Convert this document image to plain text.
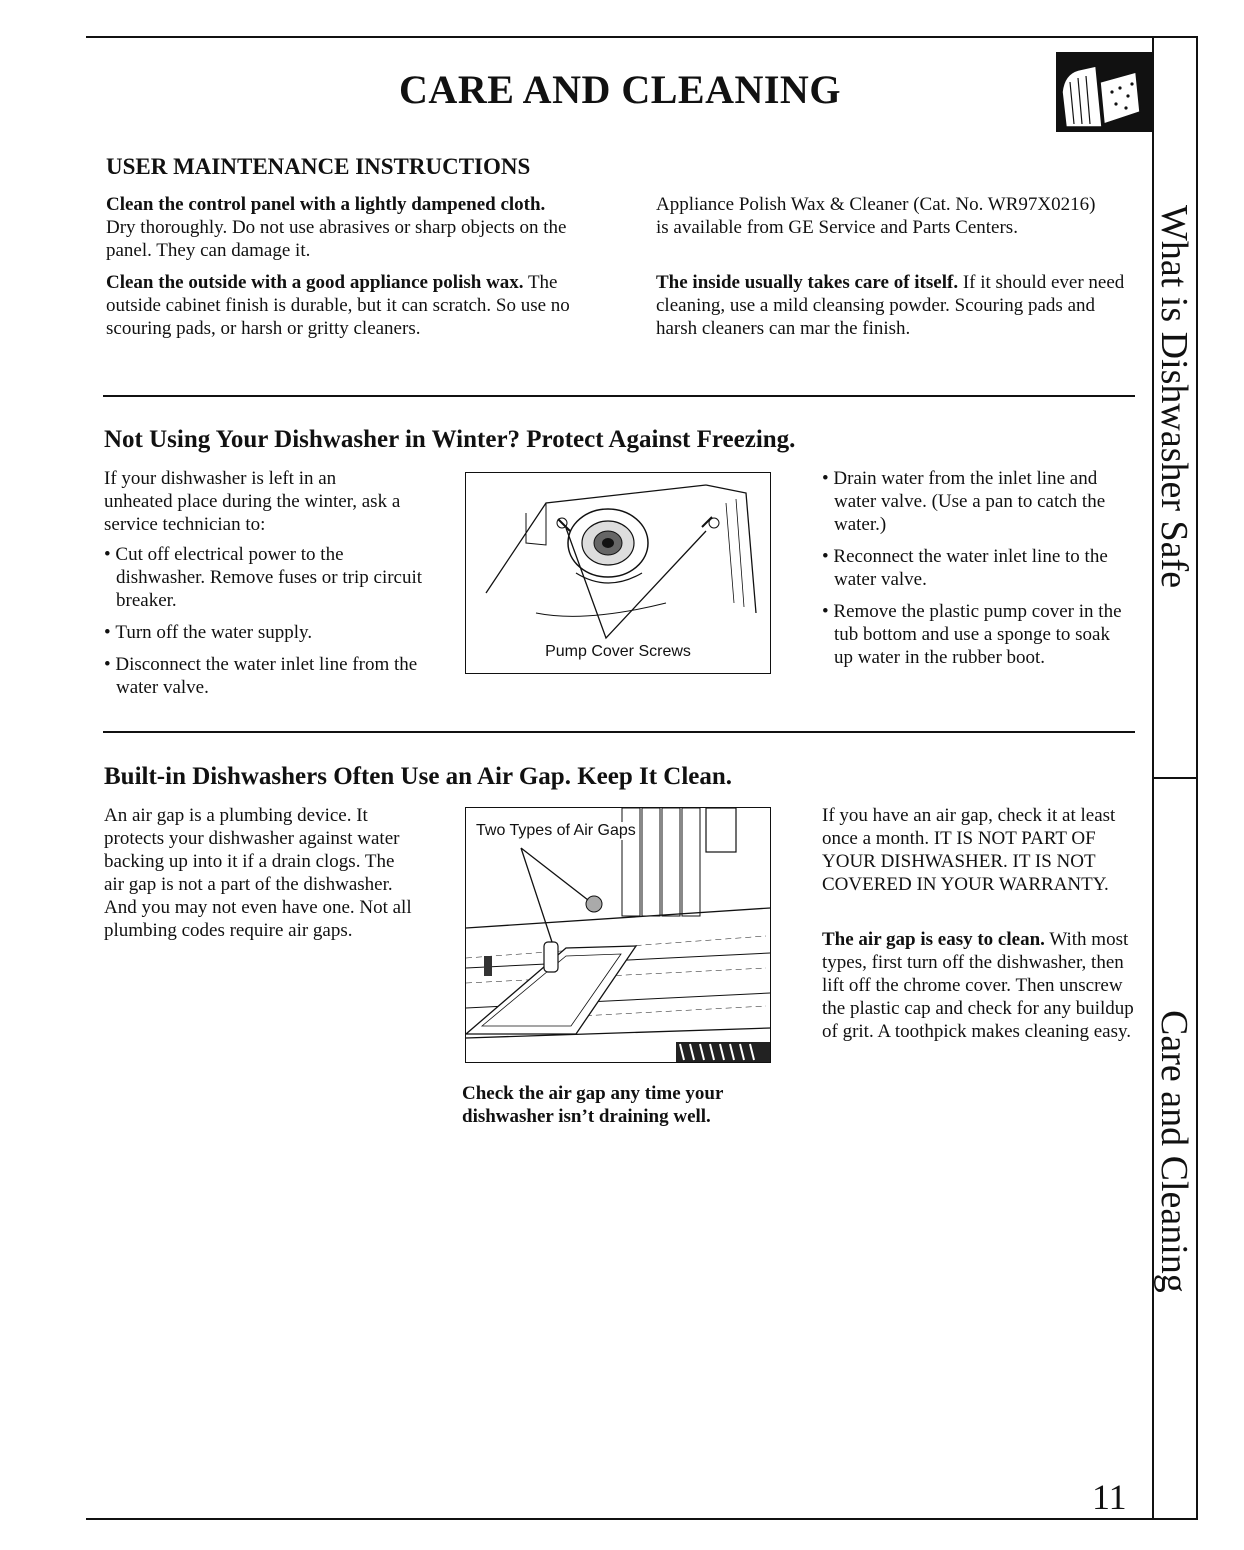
CARE AND CLEANING
USER MAINTENANCE INSTRUCTIONS

Clean the control panel with a lightly dampened cloth. Dry thoroughly. Do not use abrasives or sharp objects on the panel. They can damage it.

Clean the outside with a good appliance polish wax. The outside cabinet finish is durable, but it can scratch. So use no scouring pads, or harsh or gritty cleaners.

Appliance Polish Wax & Cleaner (Cat. No. WR97X0216) is available from GE Service and Parts Centers.

The inside usually takes care of itself. If it should ever need cleaning, use a mild cleansing powder. Scouring pads and harsh cleaners can mar the finish.

Not Using Your Dishwasher in Winter? Protect Against Freezing.

If your dishwasher is left in an unheated place during the winter, ask a service technician to:

• Cut off electrical power to the dishwasher. Remove fuses or trip circuit breaker.
• Turn off the water supply.
• Disconnect the water inlet line from the water valve.
Pump Cover Screws
• Drain water from the inlet line and water valve. (Use a pan to catch the water.)
• Reconnect the water inlet line to the water valve.
• Remove the plastic pump cover in the tub bottom and use a sponge to soak up water in the rubber boot.
Built-in Dishwashers Often Use an Air Gap. Keep It Clean.

An air gap is a plumbing device. It protects your dishwasher against water backing up into it if a drain clogs. The air gap is not a part of the dishwasher. And you may not even have one. Not all plumbing codes require air gaps.

Two Types of Air Gaps

Check the air gap any time your dishwasher isn’t draining well.

If you have an air gap, check it at least once a month. IT IS NOT PART OF YOUR DISHWASHER. IT IS NOT COVERED IN YOUR WARRANTY.

The air gap is easy to clean. With most types, first turn off the dishwasher, then lift off the chrome cover. Then unscrew the plastic cap and check for any buildup of grit. A toothpick makes cleaning easy.

What is Dishwasher Safe
Care and Cleaning
11
